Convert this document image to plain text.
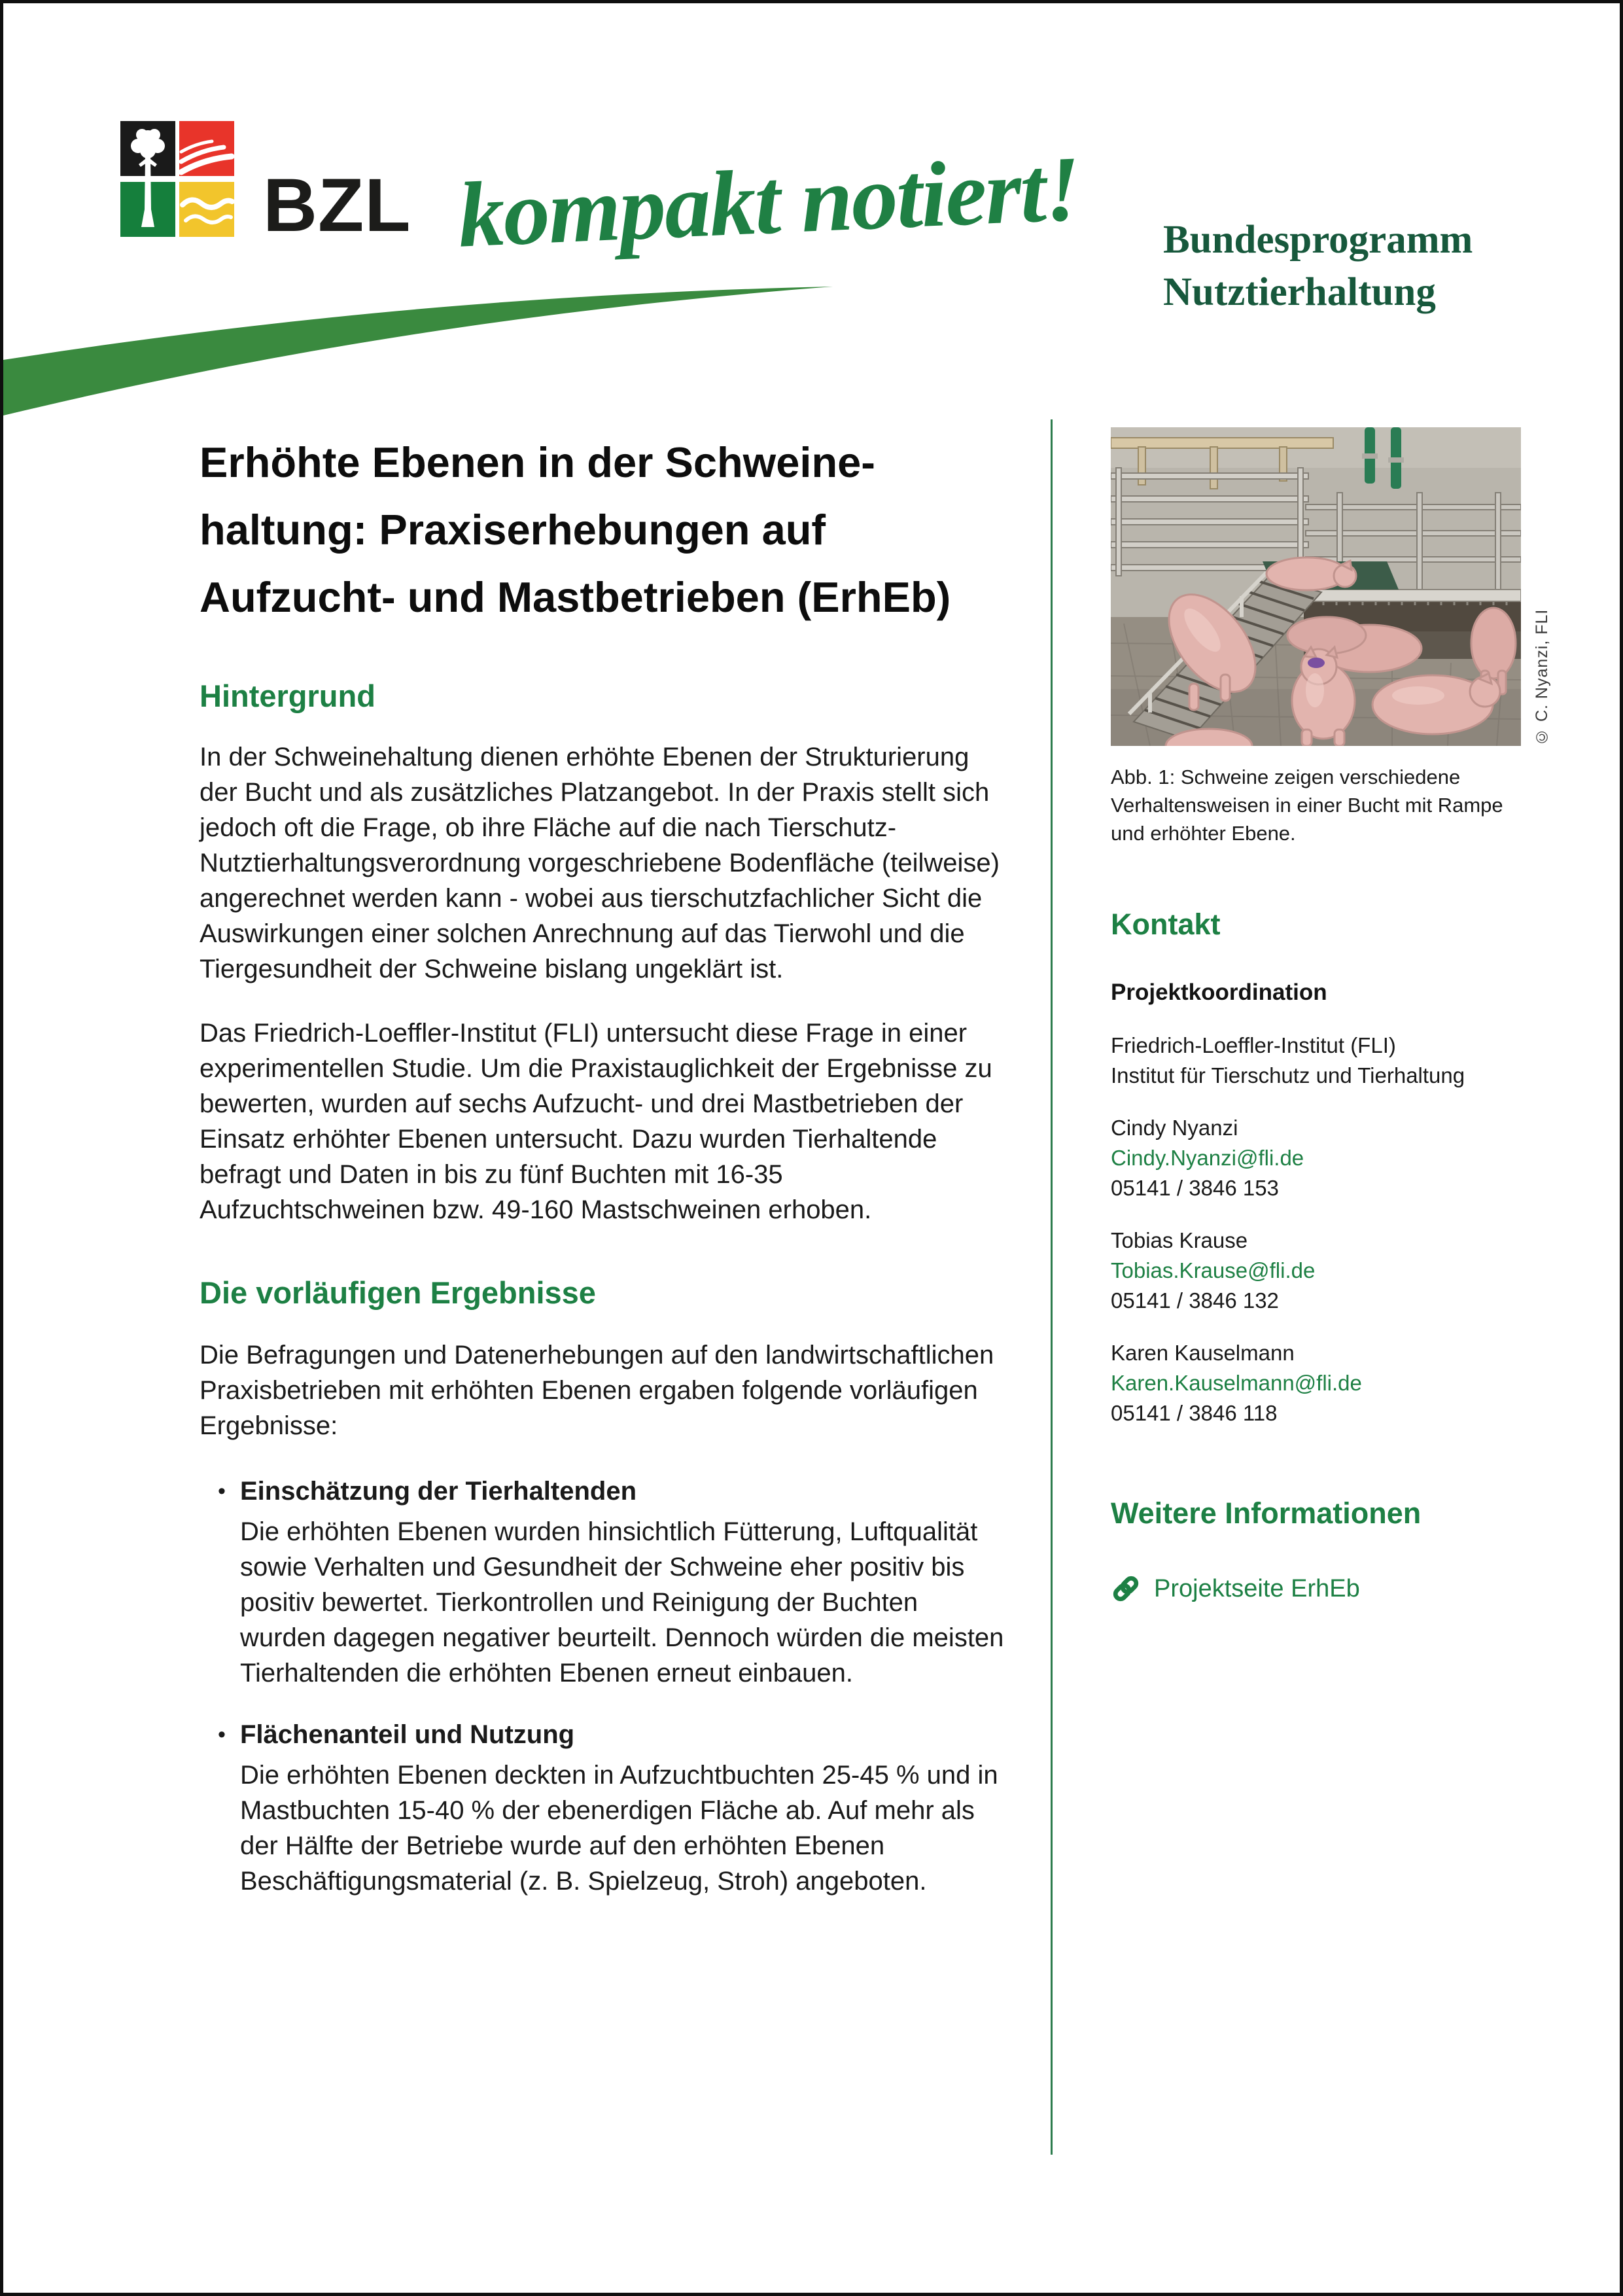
BZL kompakt notiert! Bundesprogramm
Nutztierhaltung
Erhöhte Ebenen in der Schweine-
haltung: Praxiserhebungen auf
Aufzucht- und Mastbetrieben (ErhEb)
Hintergrund
In der Schweinehaltung dienen erhöhte Ebenen der Strukturierung der Bucht und als zusätzliches Platzangebot. In der Praxis stellt sich jedoch oft die Frage, ob ihre Fläche auf die nach Tierschutz-Nutztierhaltungsverordnung vorgeschriebene Bodenfläche (teilweise) angerechnet werden kann - wobei aus tierschutzfachlicher Sicht die Auswirkungen einer solchen Anrechnung auf das Tierwohl und die Tiergesundheit der Schweine bislang ungeklärt ist.
Das Friedrich-Loeffler-Institut (FLI) untersucht diese Frage in einer experimentellen Studie. Um die Praxistauglichkeit der Ergebnisse zu bewerten, wurden auf sechs Aufzucht- und drei Mastbetrieben der Einsatz erhöhter Ebenen untersucht. Dazu wurden Tierhaltende befragt und Daten in bis zu fünf Buchten mit 16-35 Aufzuchtschweinen bzw. 49-160 Mastschweinen erhoben.
Die vorläufigen Ergebnisse
Die Befragungen und Datenerhebungen auf den landwirtschaftlichen Praxisbetrieben mit erhöhten Ebenen ergaben folgende vorläufigen Ergebnisse:
• Einschätzung der Tierhaltenden
Die erhöhten Ebenen wurden hinsichtlich Fütterung, Luftqualität sowie Verhalten und Gesundheit der Schweine eher positiv bis positiv bewertet. Tierkontrollen und Reinigung der Buchten wurden dagegen negativer beurteilt. Dennoch würden die meisten Tierhaltenden die erhöhten Ebenen erneut einbauen.
• Flächenanteil und Nutzung
Die erhöhten Ebenen deckten in Aufzuchtbuchten 25-45 % und in Mastbuchten 15-40 % der ebenerdigen Fläche ab. Auf mehr als der Hälfte der Betriebe wurde auf den erhöhten Ebenen Beschäftigungsmaterial (z. B. Spielzeug, Stroh) angeboten.
Abb. 1: Schweine zeigen verschiedene Verhaltensweisen in einer Bucht mit Rampe und erhöhter Ebene.
Kontakt
Projektkoordination
Friedrich-Loeffler-Institut (FLI)
Institut für Tierschutz und Tierhaltung
Cindy Nyanzi
Cindy.Nyanzi@fli.de
05141 / 3846 153
Tobias Krause
Tobias.Krause@fli.de
05141 / 3846 132
Karen Kauselmann
Karen.Kauselmann@fli.de
05141 / 3846 118
Weitere Informationen
Projektseite ErhEb
© C. Nyanzi, FLI
